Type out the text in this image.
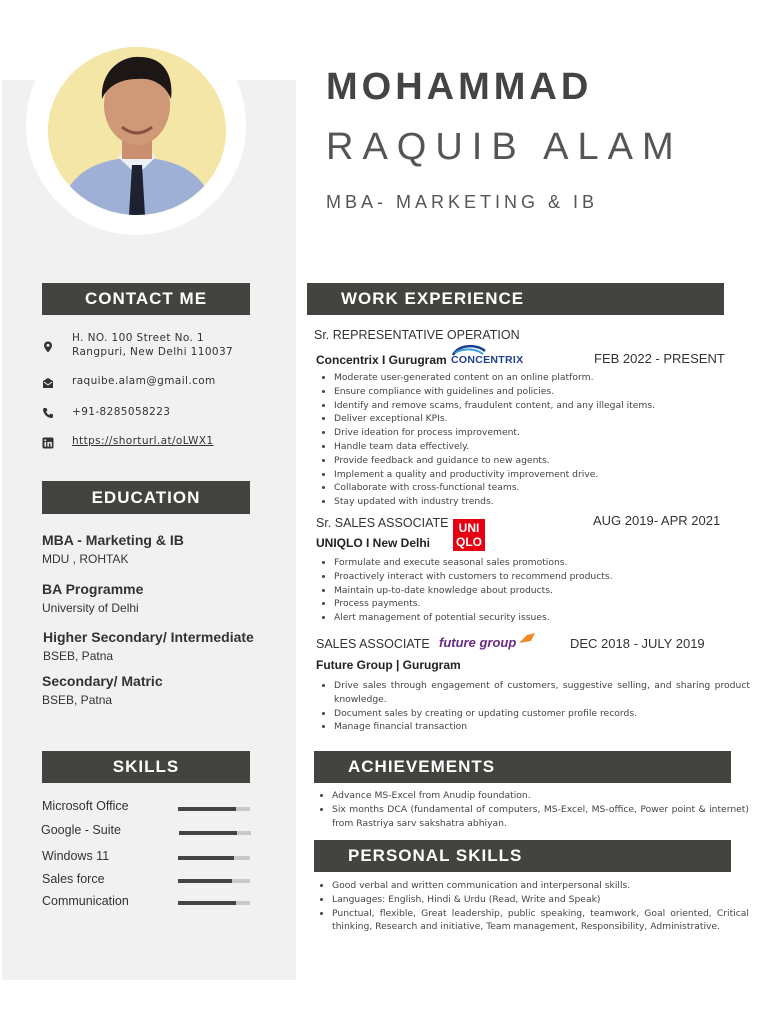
MOHAMMAD
RAQUIB ALAM
MBA- MARKETING & IB
CONTACT ME
H. NO. 100 Street No. 1
Rangpuri, New Delhi 110037
raquibe.alam@gmail.com
+91-8285058223
https://shorturl.at/oLWX1
EDUCATION
MBA - Marketing & IB
MDU , ROHTAK
BA Programme
University of Delhi
Higher Secondary/ Intermediate
BSEB, Patna
Secondary/ Matric
BSEB, Patna
SKILLS
Microsoft Office
Google - Suite
Windows 11
Sales force
Communication
WORK EXPERIENCE
Sr. REPRESENTATIVE OPERATION
Concentrix I Gurugram CONCENTRIX	FEB 2022 - PRESENT
• Moderate user-generated content on an online platform.
• Ensure compliance with guidelines and policies.
• Identify and remove scams, fraudulent content, and any illegal items.
• Deliver exceptional KPIs.
• Drive ideation for process improvement.
• Handle team data effectively.
• Provide feedback and guidance to new agents.
• Implement a quality and productivity improvement drive.
• Collaborate with cross-functional teams.
• Stay updated with industry trends.
Sr. SALES ASSOCIATE
UNIQLO I New Delhi
UNI
QLO
AUG 2019- APR 2021
• Formulate and execute seasonal sales promotions.
• Proactively interact with customers to recommend products.
• Maintain up-to-date knowledge about products.
• Process payments.
• Alert management of potential security issues.
SALES ASSOCIATE future group	DEC 2018 - JULY 2019
Future Group | Gurugram
• Drive sales through engagement of customers, suggestive selling, and sharing product knowledge.
• Document sales by creating or updating customer profile records.
• Manage financial transaction
ACHIEVEMENTS
• Advance MS-Excel from Anudip foundation.
• Six months DCA (fundamental of computers, MS-Excel, MS-office, Power point & internet) from Rastriya sarv sakshatra abhiyan.
PERSONAL SKILLS
• Good verbal and written communication and interpersonal skills.
• Languages: English, Hindi & Urdu (Read, Write and Speak)
• Punctual, flexible, Great leadership, public speaking, teamwork, Goal oriented, Critical thinking, Research and initiative, Team management, Responsibility, Administrative.
